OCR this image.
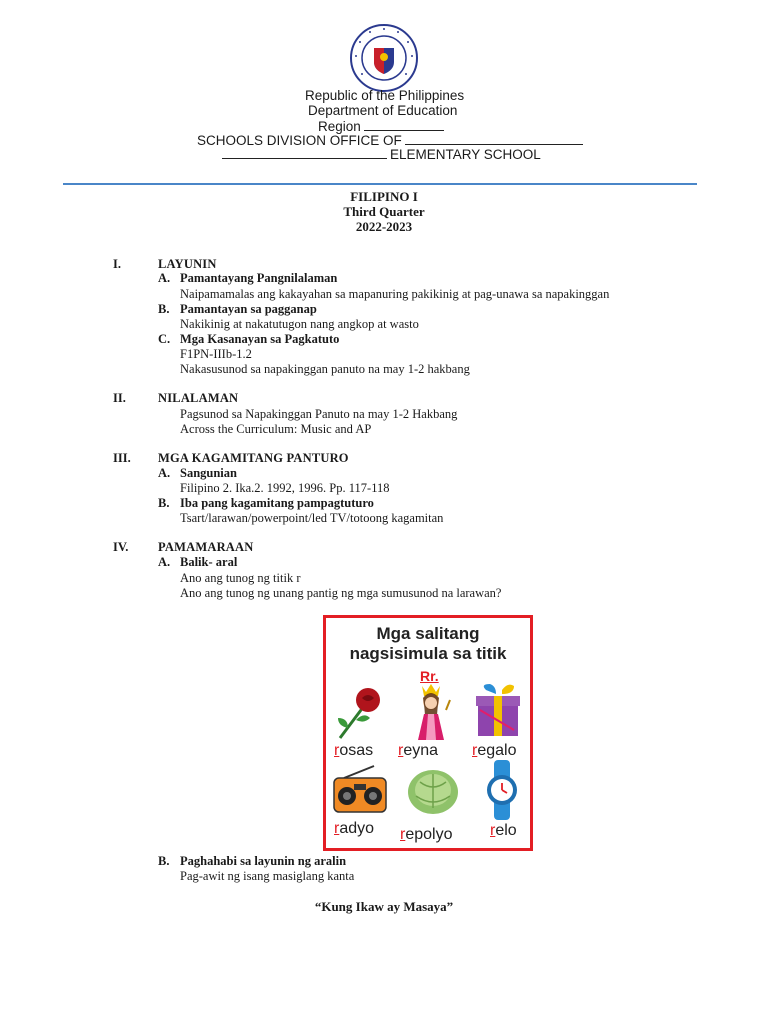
Republic of the Philippines
Department of Education
Region
SCHOOLS DIVISION OFFICE OF
ELEMENTARY SCHOOL
FILIPINO I
Third Quarter
2022-2023
I.	LAYUNIN
A. Pamantayang Pangnilalaman
Naipamamalas ang kakayahan sa mapanuring pakikinig at pag-unawa sa napakinggan
B. Pamantayan sa pagganap
Nakikinig at nakatutugon nang angkop at wasto
C. Mga Kasanayan sa Pagkatuto
F1PN-IIIb-1.2
Nakasusunod sa napakinggan panuto na may 1-2 hakbang
II.	NILALAMAN
Pagsunod sa Napakinggan Panuto na may 1-2 Hakbang
Across the Curriculum: Music and AP
III. MGA KAGAMITANG PANTURO
A. Sangunian
Filipino 2. Ika.2. 1992, 1996. Pp. 117-118
B. Iba pang kagamitang pampagtuturo
Tsart/larawan/powerpoint/led TV/totoong kagamitan
IV. PAMAMARAAN
A. Balik- aral
Ano ang tunog ng titik r
Ano ang tunog ng unang pantig ng mga sumusunod na larawan?
B. Paghahabi sa layunin ng aralin
Pag-awit ng isang masiglang kanta
Mga salitang
nagsisimula sa titik
Rr.
rosas reyna regalo
radyo repolyo relo
“Kung Ikaw ay Masaya”
